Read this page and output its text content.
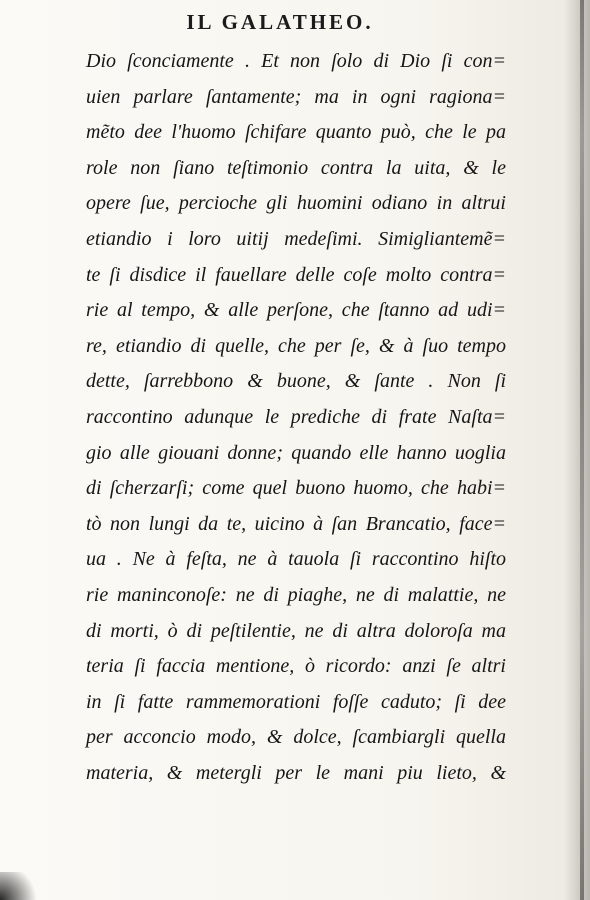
IL GALATHEO.
Dio ſconciamente . Et non ſolo di Dio ſi con=
uien parlare ſantamente; ma in ogni ragiona=
mẽto dee l'huomo ſchifare quanto può, che le pa
role non ſiano teſtimonio contra la uita, & le
opere ſue, percioche gli huomini odiano in altrui
etiandio i loro uitij medeſimi. Simigliantemẽ=
te ſi disdice il fauellare delle coſe molto contra=
rie al tempo, & alle perſone, che ſtanno ad udi=
re, etiandio di quelle, che per ſe, & à ſuo tempo
dette, ſarrebbono & buone, & ſante . Non ſi
raccontino adunque le prediche di frate Naſta=
gio alle giouani donne; quando elle hanno uoglia
di ſcherzarſi; come quel buono huomo, che habi=
tò non lungi da te, uicino à ſan Brancatio, face=
ua . Ne à feſta, ne à tauola ſi raccontino hiſto
rie maninconoſe: ne di piaghe, ne di malattie, ne
di morti, ò di peſtilentie, ne di altra doloroſa ma
teria ſi faccia mentione, ò ricordo: anzi ſe altri
in ſi fatte rammemorationi foſſe caduto; ſi dee
per acconcio modo, & dolce, ſcambiargli quella
materia, & metergli per le mani piu lieto, &
